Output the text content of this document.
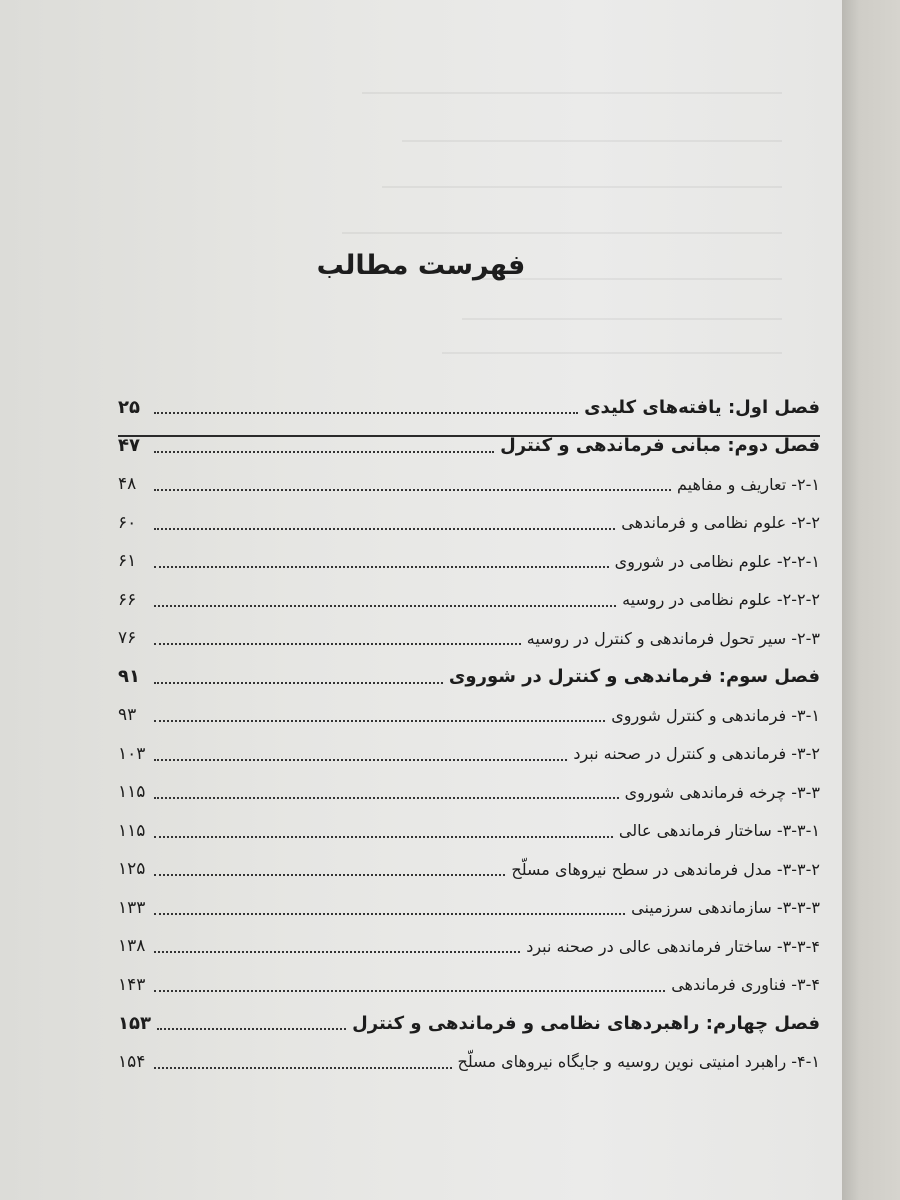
فهرست مطالب
فصل اول: یافته‌های کلیدی
۲۵
فصل دوم: مبانی فرماندهی و کنترل
۴۷
۲-۱- تعاریف و مفاهیم
۴۸
۲-۲- علوم نظامی و فرماندهی
۶۰
۲-۲-۱- علوم نظامی در شوروی
۶۱
۲-۲-۲- علوم نظامی در روسیه
۶۶
۲-۳- سیر تحول فرماندهی و کنترل در روسیه
۷۶
فصل سوم: فرماندهی و کنترل در شوروی
۹۱
۳-۱- فرماندهی و کنترل شوروی
۹۳
۳-۲- فرماندهی و کنترل در صحنه نبرد
۱۰۳
۳-۳- چرخه فرماندهی شوروی
۱۱۵
۳-۳-۱- ساختار فرماندهی عالی
۱۱۵
۳-۳-۲- مدل فرماندهی در سطح نیروهای مسلّح
۱۲۵
۳-۳-۳- سازماندهی سرزمینی
۱۳۳
۳-۳-۴- ساختار فرماندهی عالی در صحنه نبرد
۱۳۸
۳-۴- فناوری فرماندهی
۱۴۳
فصل چهارم: راهبردهای نظامی و فرماندهی و کنترل
۱۵۳
۴-۱- راهبرد امنیتی نوین روسیه و جایگاه نیروهای مسلّح
۱۵۴
